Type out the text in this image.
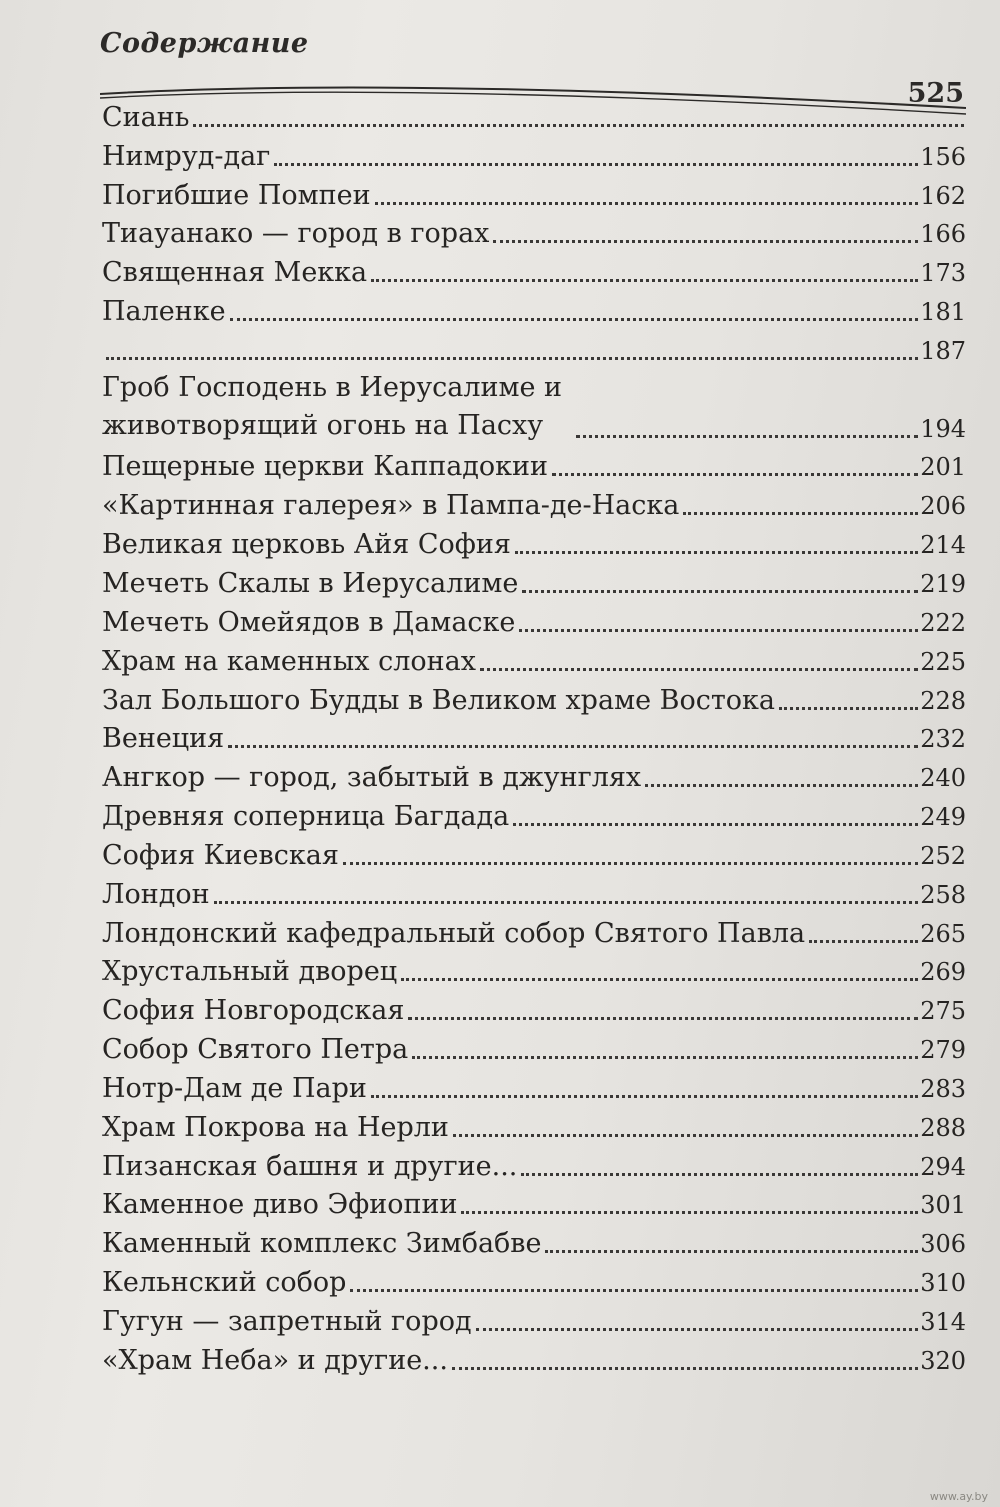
Содержание
525
Сиань
Нимруд-даг	156
Погибшие Помпеи	162
Тиауанако — город в горах	166
Священная Мекка	173
Паленке	181
187
Гроб Господень в Иерусалиме и животворящий огонь на Пасху	194
Пещерные церкви Каппадокии	201
«Картинная галерея» в Пампа-де-Наска	206
Великая церковь Айя София	214
Мечеть Скалы в Иерусалиме	219
Мечеть Омейядов в Дамаске	222
Храм на каменных слонах	225
Зал Большого Будды в Великом храме Востока	228
Венеция	232
Ангкор — город, забытый в джунглях	240
Древняя соперница Багдада	249
София Киевская	252
Лондон	258
Лондонский кафедральный собор Святого Павла	265
Хрустальный дворец	269
София Новгородская	275
Собор Святого Петра	279
Нотр-Дам де Пари	283
Храм Покрова на Нерли	288
Пизанская башня и другие...	294
Каменное диво Эфиопии	301
Каменный комплекс Зимбабве	306
Кельнский собор	310
Гугун — запретный город	314
«Храм Неба» и другие...	320
www.ay.by
